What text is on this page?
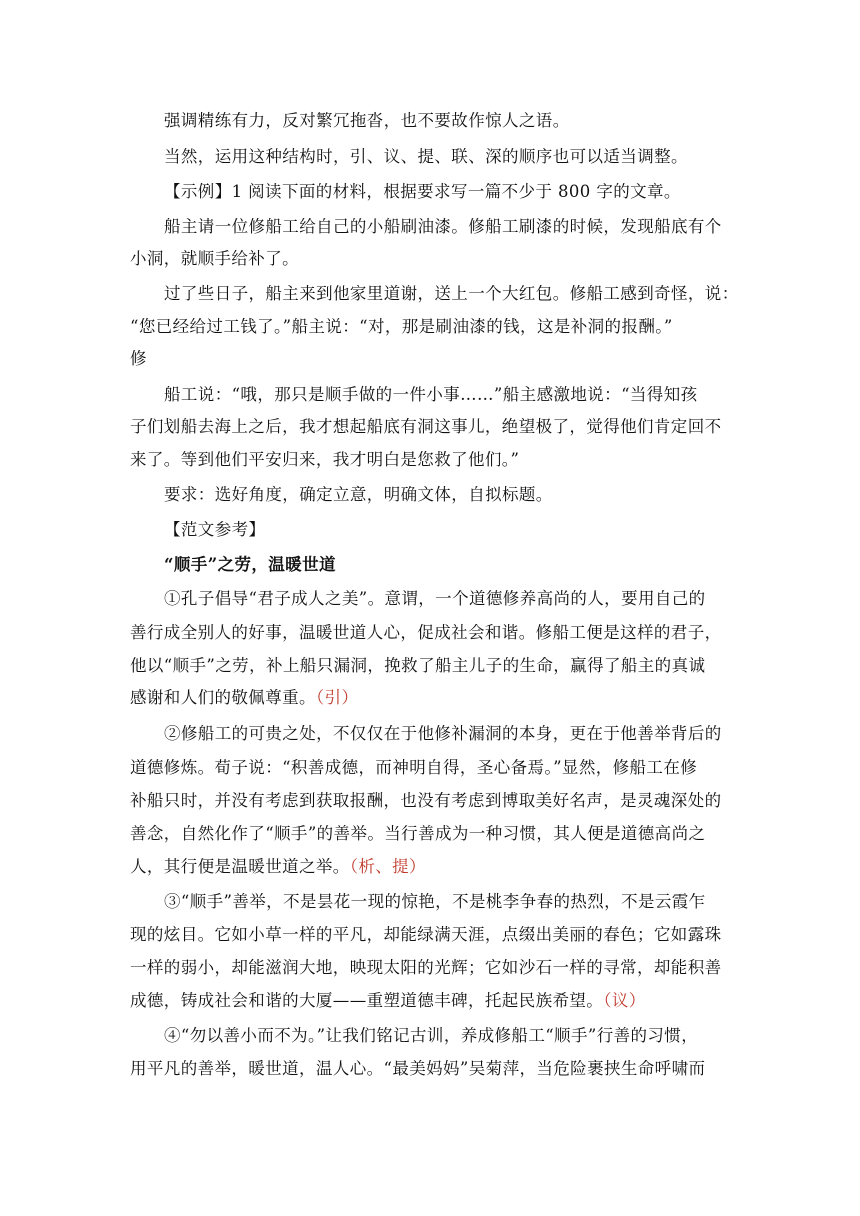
强调精练有力，反对繁冗拖沓，也不要故作惊人之语。
当然，运用这种结构时，引、议、提、联、深的顺序也可以适当调整。
【示例】1 阅读下面的材料，根据要求写一篇不少于 800 字的文章。
船主请一位修船工给自己的小船刷油漆。修船工刷漆的时候，发现船底有个
小洞，就顺手给补了。
过了些日子，船主来到他家里道谢，送上一个大红包。修船工感到奇怪，说：
“您已经给过工钱了。”船主说：“对，那是刷油漆的钱，这是补洞的报酬。”
修
船工说：“哦，那只是顺手做的一件小事……”船主感激地说：“当得知孩
子们划船去海上之后，我才想起船底有洞这事儿，绝望极了，觉得他们肯定回不
来了。等到他们平安归来，我才明白是您救了他们。”
要求：选好角度，确定立意，明确文体，自拟标题。
【范文参考】
“顺手”之劳，温暖世道
①孔子倡导“君子成人之美”。意谓，一个道德修养高尚的人，要用自己的
善行成全别人的好事，温暖世道人心，促成社会和谐。修船工便是这样的君子，
他以“顺手”之劳，补上船只漏洞，挽救了船主儿子的生命，赢得了船主的真诚
感谢和人们的敬佩尊重。（引）
②修船工的可贵之处，不仅仅在于他修补漏洞的本身，更在于他善举背后的
道德修炼。荀子说：“积善成德，而神明自得，圣心备焉。”显然，修船工在修
补船只时，并没有考虑到获取报酬，也没有考虑到博取美好名声，是灵魂深处的
善念，自然化作了“顺手”的善举。当行善成为一种习惯，其人便是道德高尚之
人，其行便是温暖世道之举。（析、提）
③“顺手”善举，不是昙花一现的惊艳，不是桃李争春的热烈，不是云霞乍
现的炫目。它如小草一样的平凡，却能绿满天涯，点缀出美丽的春色；它如露珠
一样的弱小，却能滋润大地，映现太阳的光辉；它如沙石一样的寻常，却能积善
成德，铸成社会和谐的大厦——重塑道德丰碑，托起民族希望。（议）
④“勿以善小而不为。”让我们铭记古训，养成修船工“顺手”行善的习惯，
用平凡的善举，暖世道，温人心。“最美妈妈”吴菊萍，当危险裹挟生命呼啸而
